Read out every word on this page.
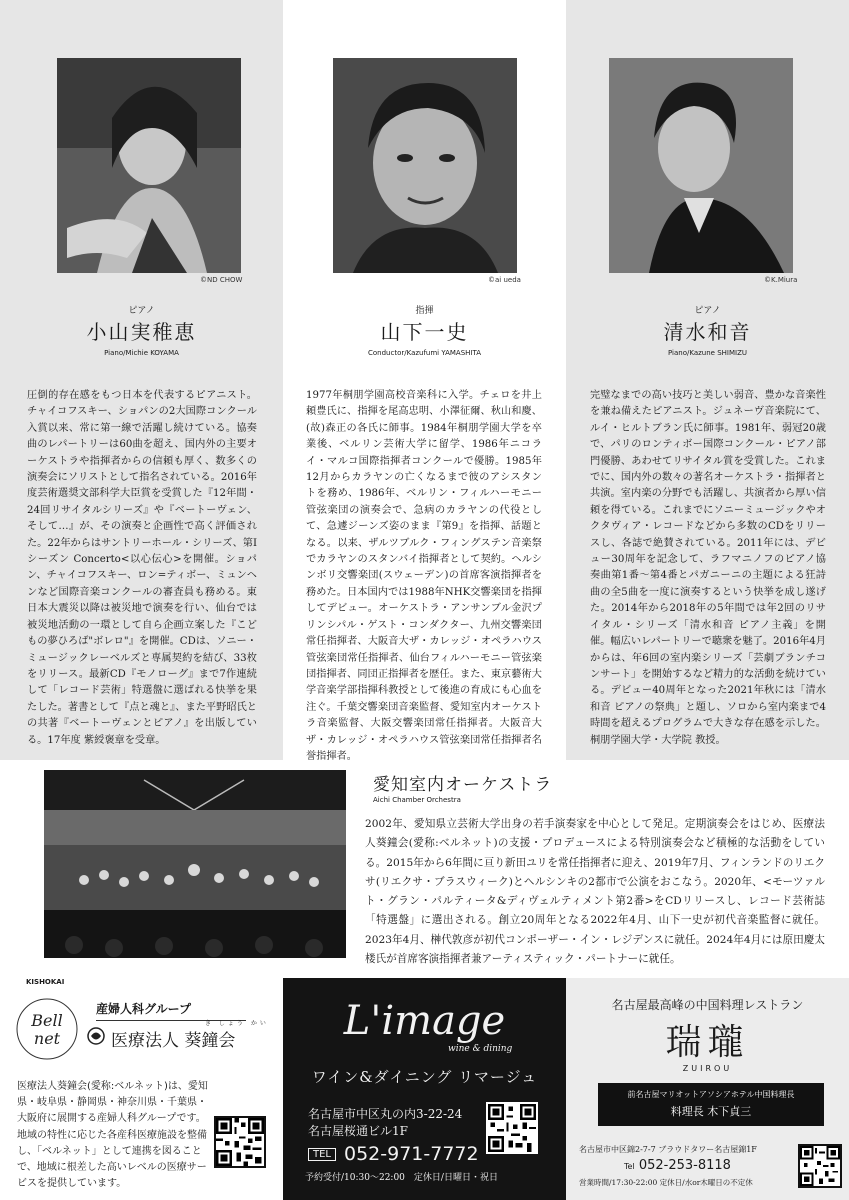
©ND CHOW
ピアノ
小山実稚恵
Piano/Michie KOYAMA

圧倒的存在感をもつ日本を代表するピアニスト。チャイコフスキー、ショパンの2大国際コンクール入賞以来、常に第一線で活躍し続けている。協奏曲のレパートリーは60曲を超え、国内外の主要オーケストラや指揮者からの信頼も厚く、数多くの演奏会にソリストとして指名されている。2016年度芸術選奨文部科学大臣賞を受賞した『12年間・24回リサイタルシリーズ』や『ベートーヴェン、そして…』が、その演奏と企画性で高く評価された。22年からはサントリーホール・シリーズ、第Iシーズン Concerto<以心伝心>を開催。ショパン、チャイコフスキー、ロン=ティボー、ミュンヘンなど国際音楽コンクールの審査員も務める。東日本大震災以降は被災地で演奏を行い、仙台では被災地活動の一環として自ら企画立案した『こどもの夢ひろば"ボレロ"』を開催。CDは、ソニー・ミュージックレーベルズと専属契約を結び、33枚をリリース。最新CD『モノローグ』まで7作連続して「レコード芸術」特選盤に選ばれる快挙を果たした。著書として『点と魂と』、また平野昭氏との共著『ベートーヴェンとピアノ』を出版している。17年度 紫綬褒章を受章。

©ai ueda
指揮
山下一史
Conductor/Kazufumi YAMASHITA

1977年桐朋学園高校音楽科に入学。チェロを井上頼豊氏に、指揮を尾高忠明、小澤征爾、秋山和慶、(故)森正の各氏に師事。1984年桐朋学園大学を卒業後、ベルリン芸術大学に留学、1986年ニコライ・マルコ国際指揮者コンクールで優勝。1985年12月からカラヤンの亡くなるまで彼のアシスタントを務め、1986年、ベルリン・フィルハーモニー管弦楽団の演奏会で、急病のカラヤンの代役として、急遽ジーンズ姿のまま『第9』を指揮、話題となる。以来、ザルツブルク・フィングステン音楽祭でカラヤンのスタンバイ指揮者として契約。ヘルシンボリ交響楽団(スウェーデン)の首席客演指揮者を務めた。日本国内では1988年NHK交響楽団を指揮してデビュー。オーケストラ・アンサンブル金沢プリンシパル・ゲスト・コンダクター、九州交響楽団常任指揮者、大阪音大ザ・カレッジ・オペラハウス管弦楽団常任指揮者、仙台フィルハーモニー管弦楽団指揮者、同団正指揮者を歴任。また、東京藝術大学音楽学部指揮科教授として後進の育成にも心血を注ぐ。千葉交響楽団音楽監督、愛知室内オーケストラ音楽監督、大阪交響楽団常任指揮者。大阪音大ザ・カレッジ・オペラハウス管弦楽団常任指揮者名誉指揮者。

©K.Miura
ピアノ
清水和音
Piano/Kazune SHIMIZU

完璧なまでの高い技巧と美しい弱音、豊かな音楽性を兼ね備えたピアニスト。ジュネーヴ音楽院にて、ルイ・ヒルトブラン氏に師事。1981年、弱冠20歳で、パリのロンティボー国際コンクール・ピアノ部門優勝、あわせてリサイタル賞を受賞した。これまでに、国内外の数々の著名オーケストラ・指揮者と共演。室内楽の分野でも活躍し、共演者から厚い信頼を得ている。これまでにソニーミュージックやオクタヴィア・レコードなどから多数のCDをリリースし、各誌で絶賛されている。2011年には、デビュー30周年を記念して、ラフマニノフのピアノ協奏曲第1番〜第4番とパガニーニの主題による狂詩曲の全5曲を一度に演奏するという快挙を成し遂げた。2014年から2018年の5年間では年2回のリサイタル・シリーズ「清水和音 ピアノ主義」を開催。幅広いレパートリーで聴衆を魅了。2016年4月からは、年6回の室内楽シリーズ「芸劇ブランチコンサート」を開始するなど精力的な活動を続けている。デビュー40周年となった2021年秋には「清水和音 ピアノの祭典」と題し、ソロから室内楽まで4時間を超えるプログラムで大きな存在感を示した。桐朋学園大学・大学院 教授。

愛知室内オーケストラ
Aichi Chamber Orchestra

2002年、愛知県立芸術大学出身の若手演奏家を中心として発足。定期演奏会をはじめ、医療法人葵鐘会(愛称:ベルネット)の支援・プロデュースによる特別演奏会など積極的な活動をしている。2015年から6年間に亘り新田ユリを常任指揮者に迎え、2019年7月、フィンランドのリエクサ(リエクサ・ブラスウィーク)とヘルシンキの2都市で公演をおこなう。2020年、<モーツァルト・グラン・パルティータ&ディヴェルティメント第2番>をCDリリースし、レコード芸術誌「特選盤」に選出される。創立20周年となる2022年4月、山下一史が初代音楽監督に就任。2023年4月、榊代敦彦が初代コンポーザー・イン・レジデンスに就任。2024年4月には原田慶太楼氏が首席客演指揮者兼アーティスティック・パートナーに就任。

KISHOKAI
Bell
net
産婦人科グループ
き しょう かい
医療法人 葵鐘会

医療法人葵鐘会(愛称:ベルネット)は、愛知県・岐阜県・静岡県・神奈川県・千葉県・大阪府に展開する産婦人科グループです。地域の特性に応じた各産科医療施設を整備し、「ベルネット」として連携を図ることで、地域に根差した高いレベルの医療サービスを提供しています。

L'image
wine & dining
ワイン&ダイニング リマージュ
名古屋市中区丸の内3-22-24
名古屋桜通ビル1F
TEL 052-971-7772
予約受付/10:30〜22:00　定休日/日曜日・祝日
名古屋最高峰の中国料理レストラン
瑞瓏
ZUIROU
前名古屋マリオットアソシアホテル中国料理長
料理長 木下貞三
名古屋市中区錦2-7-7 ブラウドタワー名古屋錦1F
Tel 052-253-8118
営業時間/17:30-22:00 定休日/水or木曜日の不定休
